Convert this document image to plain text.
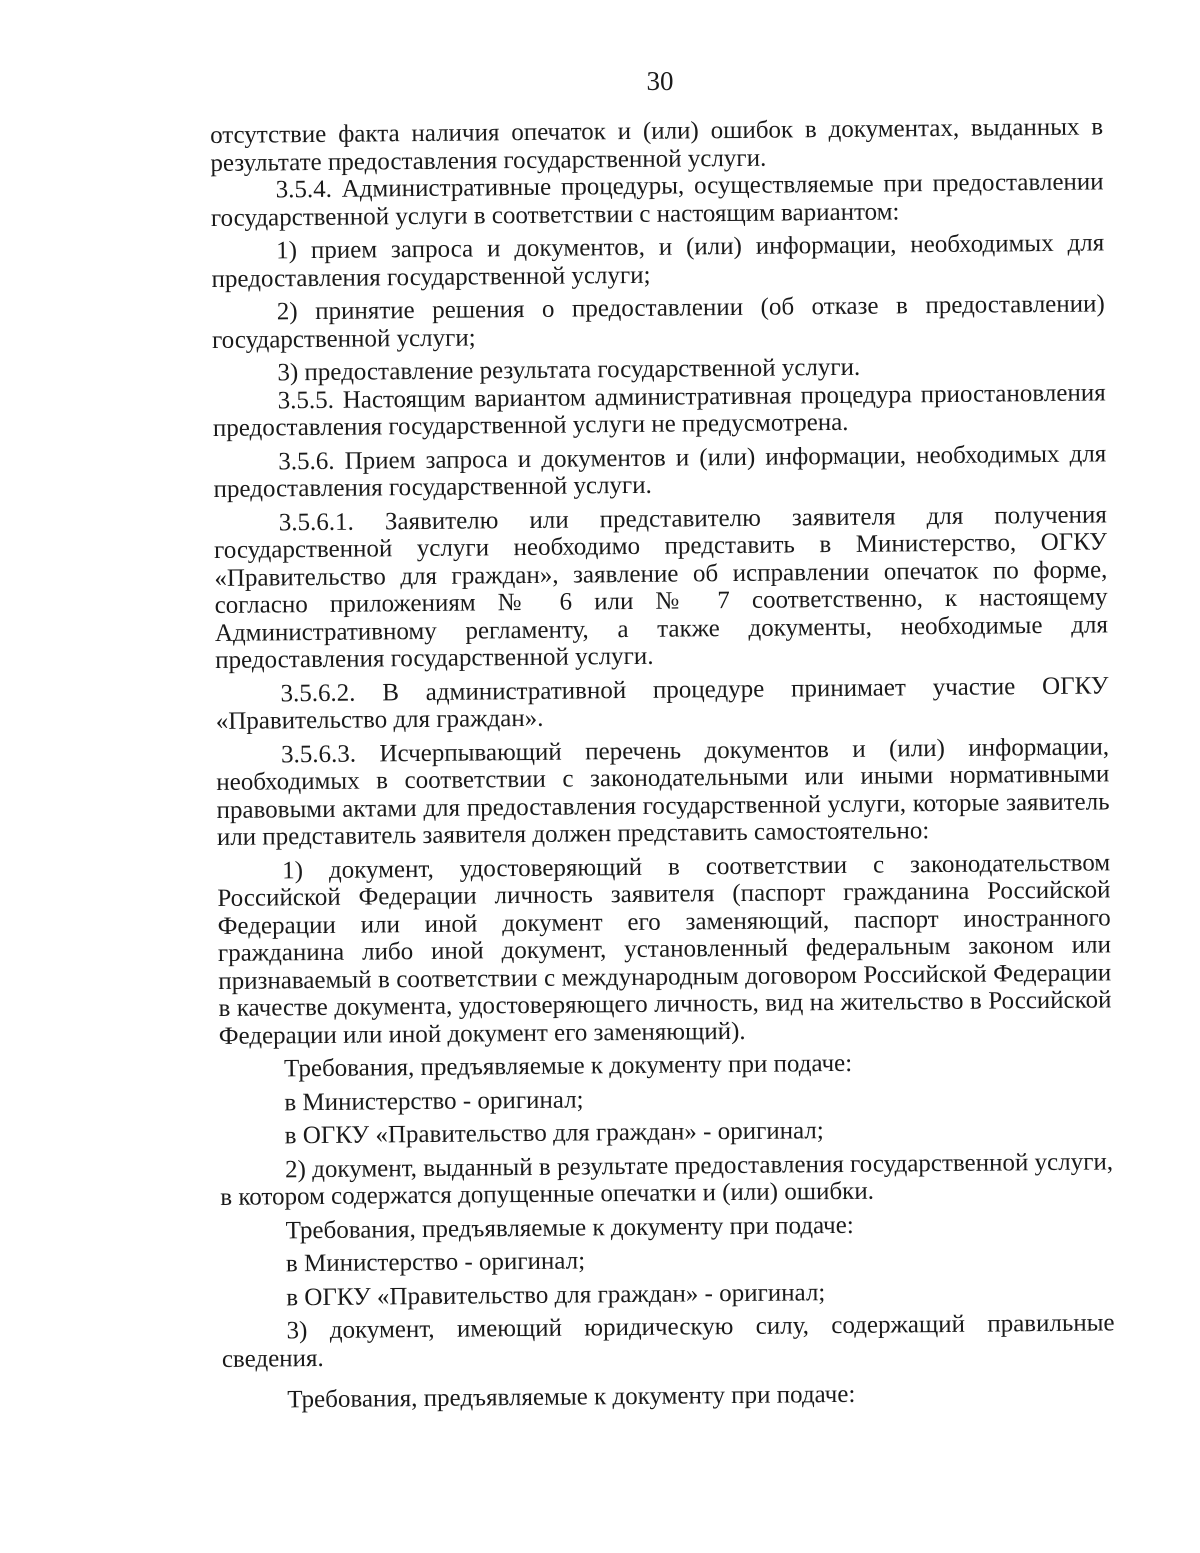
30

отсутствие факта наличия опечаток и (или) ошибок в документах, выданных в результате предоставления государственной услуги.

3.5.4. Административные процедуры, осуществляемые при предоставлении государственной услуги в соответствии с настоящим вариантом:

1) прием запроса и документов, и (или) информации, необходимых для предоставления государственной услуги;

2) принятие решения о предоставлении (об отказе в предоставлении) государственной услуги;

3) предоставление результата государственной услуги.

3.5.5. Настоящим вариантом административная процедура приостановления предоставления государственной услуги не предусмотрена.

3.5.6. Прием запроса и документов и (или) информации, необходимых для предоставления государственной услуги.

3.5.6.1. Заявителю или представителю заявителя для получения государственной услуги необходимо представить в Министерство, ОГКУ «Правительство для граждан», заявление об исправлении опечаток по форме, согласно приложениям № 6 или № 7 соответственно, к настоящему Административному регламенту, а также документы, необходимые для предоставления государственной услуги.

3.5.6.2. В административной процедуре принимает участие ОГКУ «Правительство для граждан».

3.5.6.3. Исчерпывающий перечень документов и (или) информации, необходимых в соответствии с законодательными или иными нормативными правовыми актами для предоставления государственной услуги, которые заявитель или представитель заявителя должен представить самостоятельно:

1) документ, удостоверяющий в соответствии с законодательством Российской Федерации личность заявителя (паспорт гражданина Российской Федерации или иной документ его заменяющий, паспорт иностранного гражданина либо иной документ, установленный федеральным законом или признаваемый в соответствии с международным договором Российской Федерации в качестве документа, удостоверяющего личность, вид на жительство в Российской Федерации или иной документ его заменяющий).

Требования, предъявляемые к документу при подаче:

в Министерство - оригинал;

в ОГКУ «Правительство для граждан» - оригинал;

2) документ, выданный в результате предоставления государственной услуги, в котором содержатся допущенные опечатки и (или) ошибки.

Требования, предъявляемые к документу при подаче:

в Министерство - оригинал;

в ОГКУ «Правительство для граждан» - оригинал;

3) документ, имеющий юридическую силу, содержащий правильные сведения.

Требования, предъявляемые к документу при подаче:
